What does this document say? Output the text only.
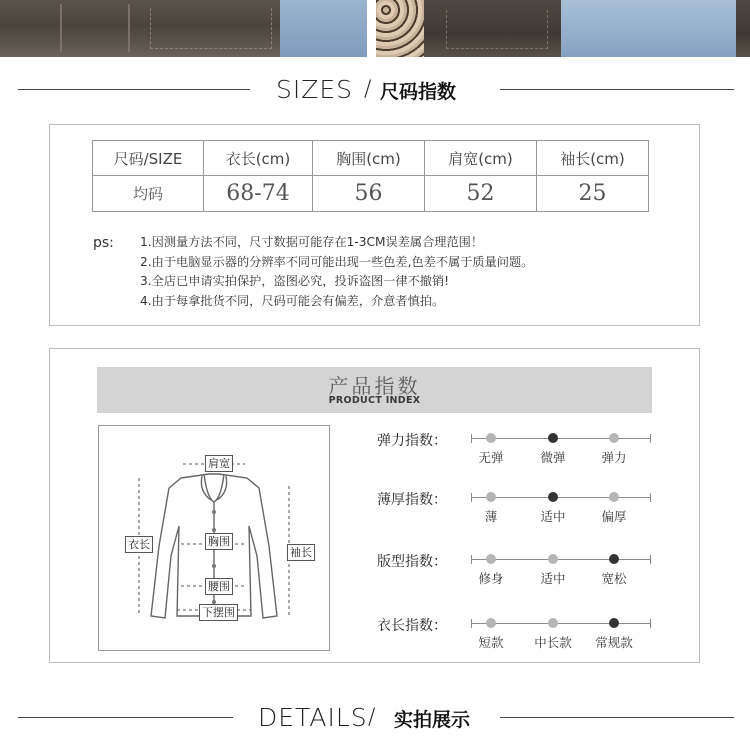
SIZES / 尺码指数
尺码/SIZE	衣长(cm)	胸围(cm)	肩宽(cm)	袖长(cm)
均码	68-74	56	52	25
ps: 1.因测量方法不同，尺寸数据可能存在1-3CM误差属合理范围！
2.由于电脑显示器的分辨率不同可能出现一些色差,色差不属于质量问题。
3.全店已申请实拍保护，盗图必究，投诉盗图一律不撤销!
4.由于每拿批货不同，尺码可能会有偏差，介意者慎拍。
产品指数
PRODUCT INDEX
肩宽
衣长	胸围
袖长
腰围
下摆围
弹力指数：
无弹	微弹	弹力
薄厚指数：
薄	适中	偏厚
版型指数：
修身	适中	宽松
衣长指数：
短款 中长款 常规款
DETAILS / 实拍展示
